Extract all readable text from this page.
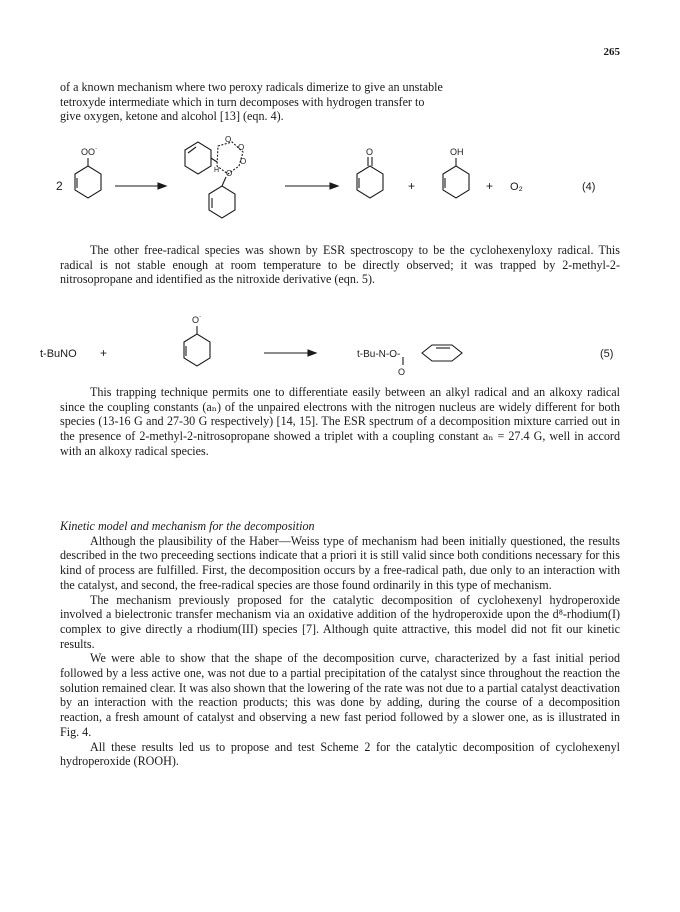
265
of a known mechanism where two peroxy radicals dimerize to give an unstable
tetroxyde intermediate which in turn decomposes with hydrogen transfer to
give oxygen, ketone and alcohol [13] (eqn. 4).
2
OO˙
O
O
O
O
H
O	OH
+	+ O₂	(4)
The other free-radical species was shown by ESR spectroscopy to be the cyclohexenyloxy radical. This radical is not stable enough at room temperature to be directly observed; it was trapped by 2-methyl-2-nitrosopropane and identified as the nitroxide derivative (eqn. 5).
t-BuNO +
O˙
t-Bu-N-O-
O
(5)
This trapping technique permits one to differentiate easily between an alkyl radical and an alkoxy radical since the coupling constants (aₙ) of the unpaired electrons with the nitrogen nucleus are widely different for both species (13-16 G and 27-30 G respectively) [14, 15]. The ESR spectrum of a decomposition mixture carried out in the presence of 2-methyl-2-nitrosopropane showed a triplet with a coupling constant aₙ = 27.4 G, well in accord with an alkoxy radical species.

Kinetic model and mechanism for the decomposition

Although the plausibility of the Haber—Weiss type of mechanism had been initially questioned, the results described in the two preceeding sections indicate that a priori it is still valid since both conditions necessary for this kind of process are fulfilled. First, the decomposition occurs by a free-radical path, due only to an interaction with the catalyst, and second, the free-radical species are those found ordinarily in this type of mechanism.

The mechanism previously proposed for the catalytic decomposition of cyclohexenyl hydroperoxide involved a bielectronic transfer mechanism via an oxidative addition of the hydroperoxide upon the d⁸-rhodium(I) complex to give directly a rhodium(III) species [7]. Although quite attractive, this model did not fit our kinetic results.

We were able to show that the shape of the decomposition curve, characterized by a fast initial period followed by a less active one, was not due to a partial precipitation of the catalyst since throughout the reaction the solution remained clear. It was also shown that the lowering of the rate was not due to a partial catalyst deactivation by an interaction with the reaction products; this was done by adding, during the course of a decomposition reaction, a fresh amount of catalyst and observing a new fast period followed by a slower one, as is illustrated in Fig. 4.

All these results led us to propose and test Scheme 2 for the catalytic decomposition of cyclohexenyl hydroperoxide (ROOH).
